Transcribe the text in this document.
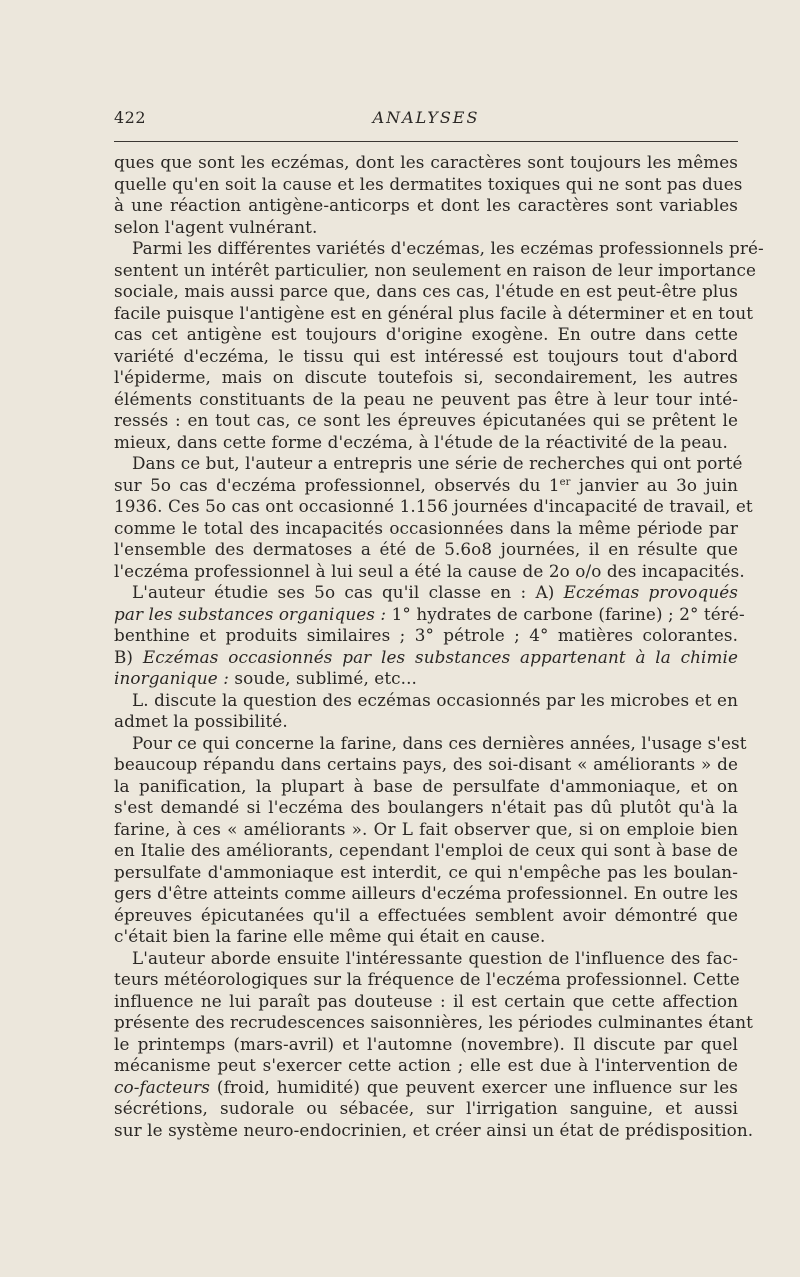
422	ANALYSES
ques que sont les eczémas, dont les caractères sont toujours les mêmes
quelle qu'en soit la cause et les dermatites toxiques qui ne sont pas dues
à une réaction antigène-anticorps et dont les caractères sont variables
selon l'agent vulnérant.
Parmi les différentes variétés d'eczémas, les eczémas professionnels pré-
sentent un intérêt particulier, non seulement en raison de leur importance
sociale, mais aussi parce que, dans ces cas, l'étude en est peut-être plus
facile puisque l'antigène est en général plus facile à déterminer et en tout
cas cet antigène est toujours d'origine exogène. En outre dans cette
variété d'eczéma, le tissu qui est intéressé est toujours tout d'abord
l'épiderme, mais on discute toutefois si, secondairement, les autres
éléments constituants de la peau ne peuvent pas être à leur tour inté-
ressés : en tout cas, ce sont les épreuves épicutanées qui se prêtent le
mieux, dans cette forme d'eczéma, à l'étude de la réactivité de la peau.
Dans ce but, l'auteur a entrepris une série de recherches qui ont porté
sur 5o cas d'eczéma professionnel, observés du 1er janvier au 3o juin
1936. Ces 5o cas ont occasionné 1.156 journées d'incapacité de travail, et
comme le total des incapacités occasionnées dans la même période par
l'ensemble des dermatoses a été de 5.6o8 journées, il en résulte que
l'eczéma professionnel à lui seul a été la cause de 2o o/o des incapacités.
L'auteur étudie ses 5o cas qu'il classe en : A) Eczémas provoqués
par les substances organiques : 1° hydrates de carbone (farine) ; 2° téré-
benthine et produits similaires ; 3° pétrole ; 4° matières colorantes.
B) Eczémas occasionnés par les substances appartenant à la chimie
inorganique : soude, sublimé, etc...
L. discute la question des eczémas occasionnés par les microbes et en
admet la possibilité.
Pour ce qui concerne la farine, dans ces dernières années, l'usage s'est
beaucoup répandu dans certains pays, des soi-disant « améliorants » de
la panification, la plupart à base de persulfate d'ammoniaque, et on
s'est demandé si l'eczéma des boulangers n'était pas dû plutôt qu'à la
farine, à ces « améliorants ». Or L fait observer que, si on emploie bien
en Italie des améliorants, cependant l'emploi de ceux qui sont à base de
persulfate d'ammoniaque est interdit, ce qui n'empêche pas les boulan-
gers d'être atteints comme ailleurs d'eczéma professionnel. En outre les
épreuves épicutanées qu'il a effectuées semblent avoir démontré que
c'était bien la farine elle même qui était en cause.
L'auteur aborde ensuite l'intéressante question de l'influence des fac-
teurs météorologiques sur la fréquence de l'eczéma professionnel. Cette
influence ne lui paraît pas douteuse : il est certain que cette affection
présente des recrudescences saisonnières, les périodes culminantes étant
le printemps (mars-avril) et l'automne (novembre). Il discute par quel
mécanisme peut s'exercer cette action ; elle est due à l'intervention de
co-facteurs (froid, humidité) que peuvent exercer une influence sur les
sécrétions, sudorale ou sébacée, sur l'irrigation sanguine, et aussi
sur le système neuro-endocrinien, et créer ainsi un état de prédisposition.
